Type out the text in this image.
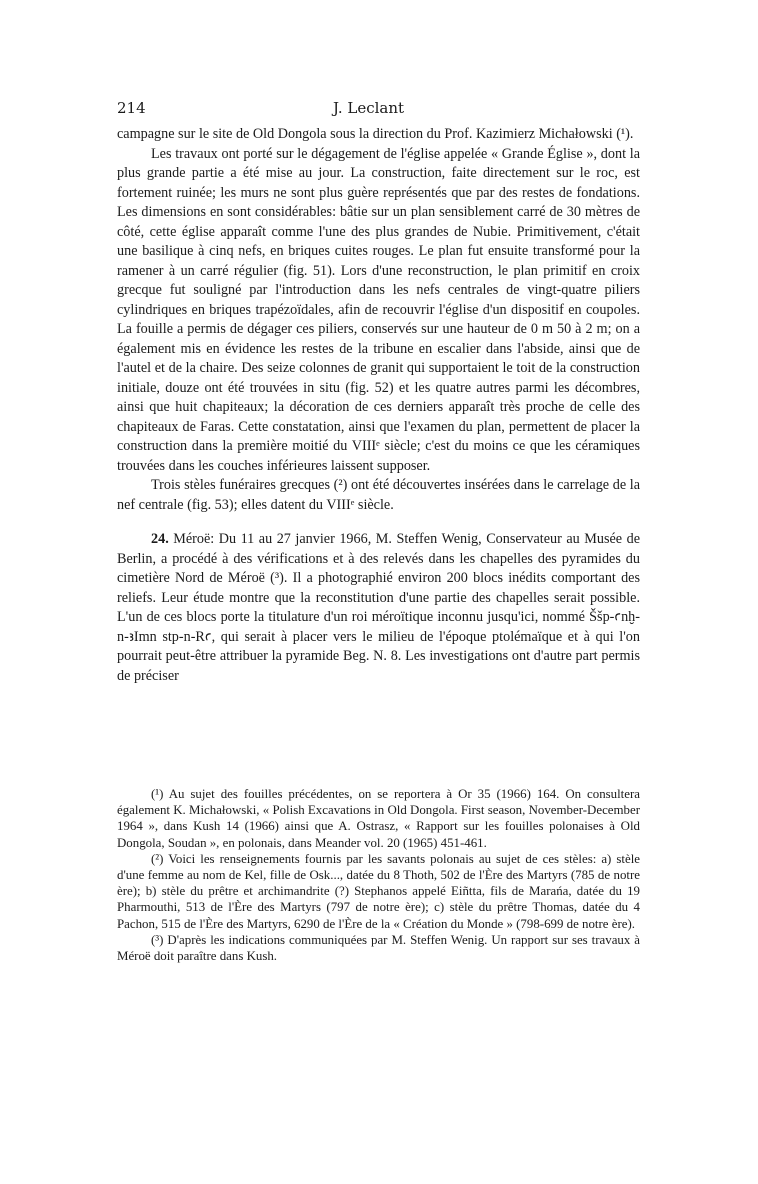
214	J. Leclant

campagne sur le site de Old Dongola sous la direction du Prof. Kazimierz Michałowski (¹).

Les travaux ont porté sur le dégagement de l'église appelée « Grande Église », dont la plus grande partie a été mise au jour. La construction, faite directement sur le roc, est fortement ruinée; les murs ne sont plus guère représentés que par des restes de fondations. Les dimensions en sont considérables: bâtie sur un plan sensiblement carré de 30 mètres de côté, cette église apparaît comme l'une des plus grandes de Nubie. Primitivement, c'était une basilique à cinq nefs, en briques cuites rouges. Le plan fut ensuite transformé pour la ramener à un carré régulier (fig. 51). Lors d'une reconstruction, le plan primitif en croix grecque fut souligné par l'introduction dans les nefs centrales de vingt-quatre piliers cylindriques en briques trapézoïdales, afin de recouvrir l'église d'un dispositif en coupoles. La fouille a permis de dégager ces piliers, conservés sur une hauteur de 0 m 50 à 2 m; on a également mis en évidence les restes de la tribune en escalier dans l'abside, ainsi que de l'autel et de la chaire. Des seize colonnes de granit qui supportaient le toit de la construction initiale, douze ont été trouvées in situ (fig. 52) et les quatre autres parmi les décombres, ainsi que huit chapiteaux; la décoration de ces derniers apparaît très proche de celle des chapiteaux de Faras. Cette constatation, ainsi que l'examen du plan, permettent de placer la construction dans la première moitié du VIIIᵉ siècle; c'est du moins ce que les céramiques trouvées dans les couches inférieures laissent supposer.

Trois stèles funéraires grecques (²) ont été découvertes insérées dans le carrelage de la nef centrale (fig. 53); elles datent du VIIIᵉ siècle.

24. Méroë: Du 11 au 27 janvier 1966, M. Steffen Wenig, Conservateur au Musée de Berlin, a procédé à des vérifications et à des relevés dans les chapelles des pyramides du cimetière Nord de Méroë (³). Il a photographié environ 200 blocs inédits comportant des reliefs. Leur étude montre que la reconstitution d'une partie des chapelles serait possible. L'un de ces blocs porte la titulature d'un roi méroïtique inconnu jusqu'ici, nommé Ššp-ꜥnḫ-n-ꜣImn stp-n-Rꜥ, qui serait à placer vers le milieu de l'époque ptolémaïque et à qui l'on pourrait peut-être attribuer la pyramide Beg. N. 8. Les investigations ont d'autre part permis de préciser

(¹) Au sujet des fouilles précédentes, on se reportera à Or 35 (1966) 164. On consultera également K. Michałowski, « Polish Excavations in Old Dongola. First season, November-December 1964 », dans Kush 14 (1966) ainsi que A. Ostrasz, « Rapport sur les fouilles polonaises à Old Dongola, Soudan », en polonais, dans Meander vol. 20 (1965) 451-461.

(²) Voici les renseignements fournis par les savants polonais au sujet de ces stèles: a) stèle d'une femme au nom de Kel, fille de Osk..., datée du 8 Thoth, 502 de l'Ère des Martyrs (785 de notre ère); b) stèle du prêtre et archimandrite (?) Stephanos appelé Eiñtta, fils de Marańa, datée du 19 Pharmouthi, 513 de l'Ère des Martyrs (797 de notre ère); c) stèle du prêtre Thomas, datée du 4 Pachon, 515 de l'Ère des Martyrs, 6290 de l'Ère de la « Création du Monde » (798-699 de notre ère).

(³) D'après les indications communiquées par M. Steffen Wenig. Un rapport sur ses travaux à Méroë doit paraître dans Kush.
